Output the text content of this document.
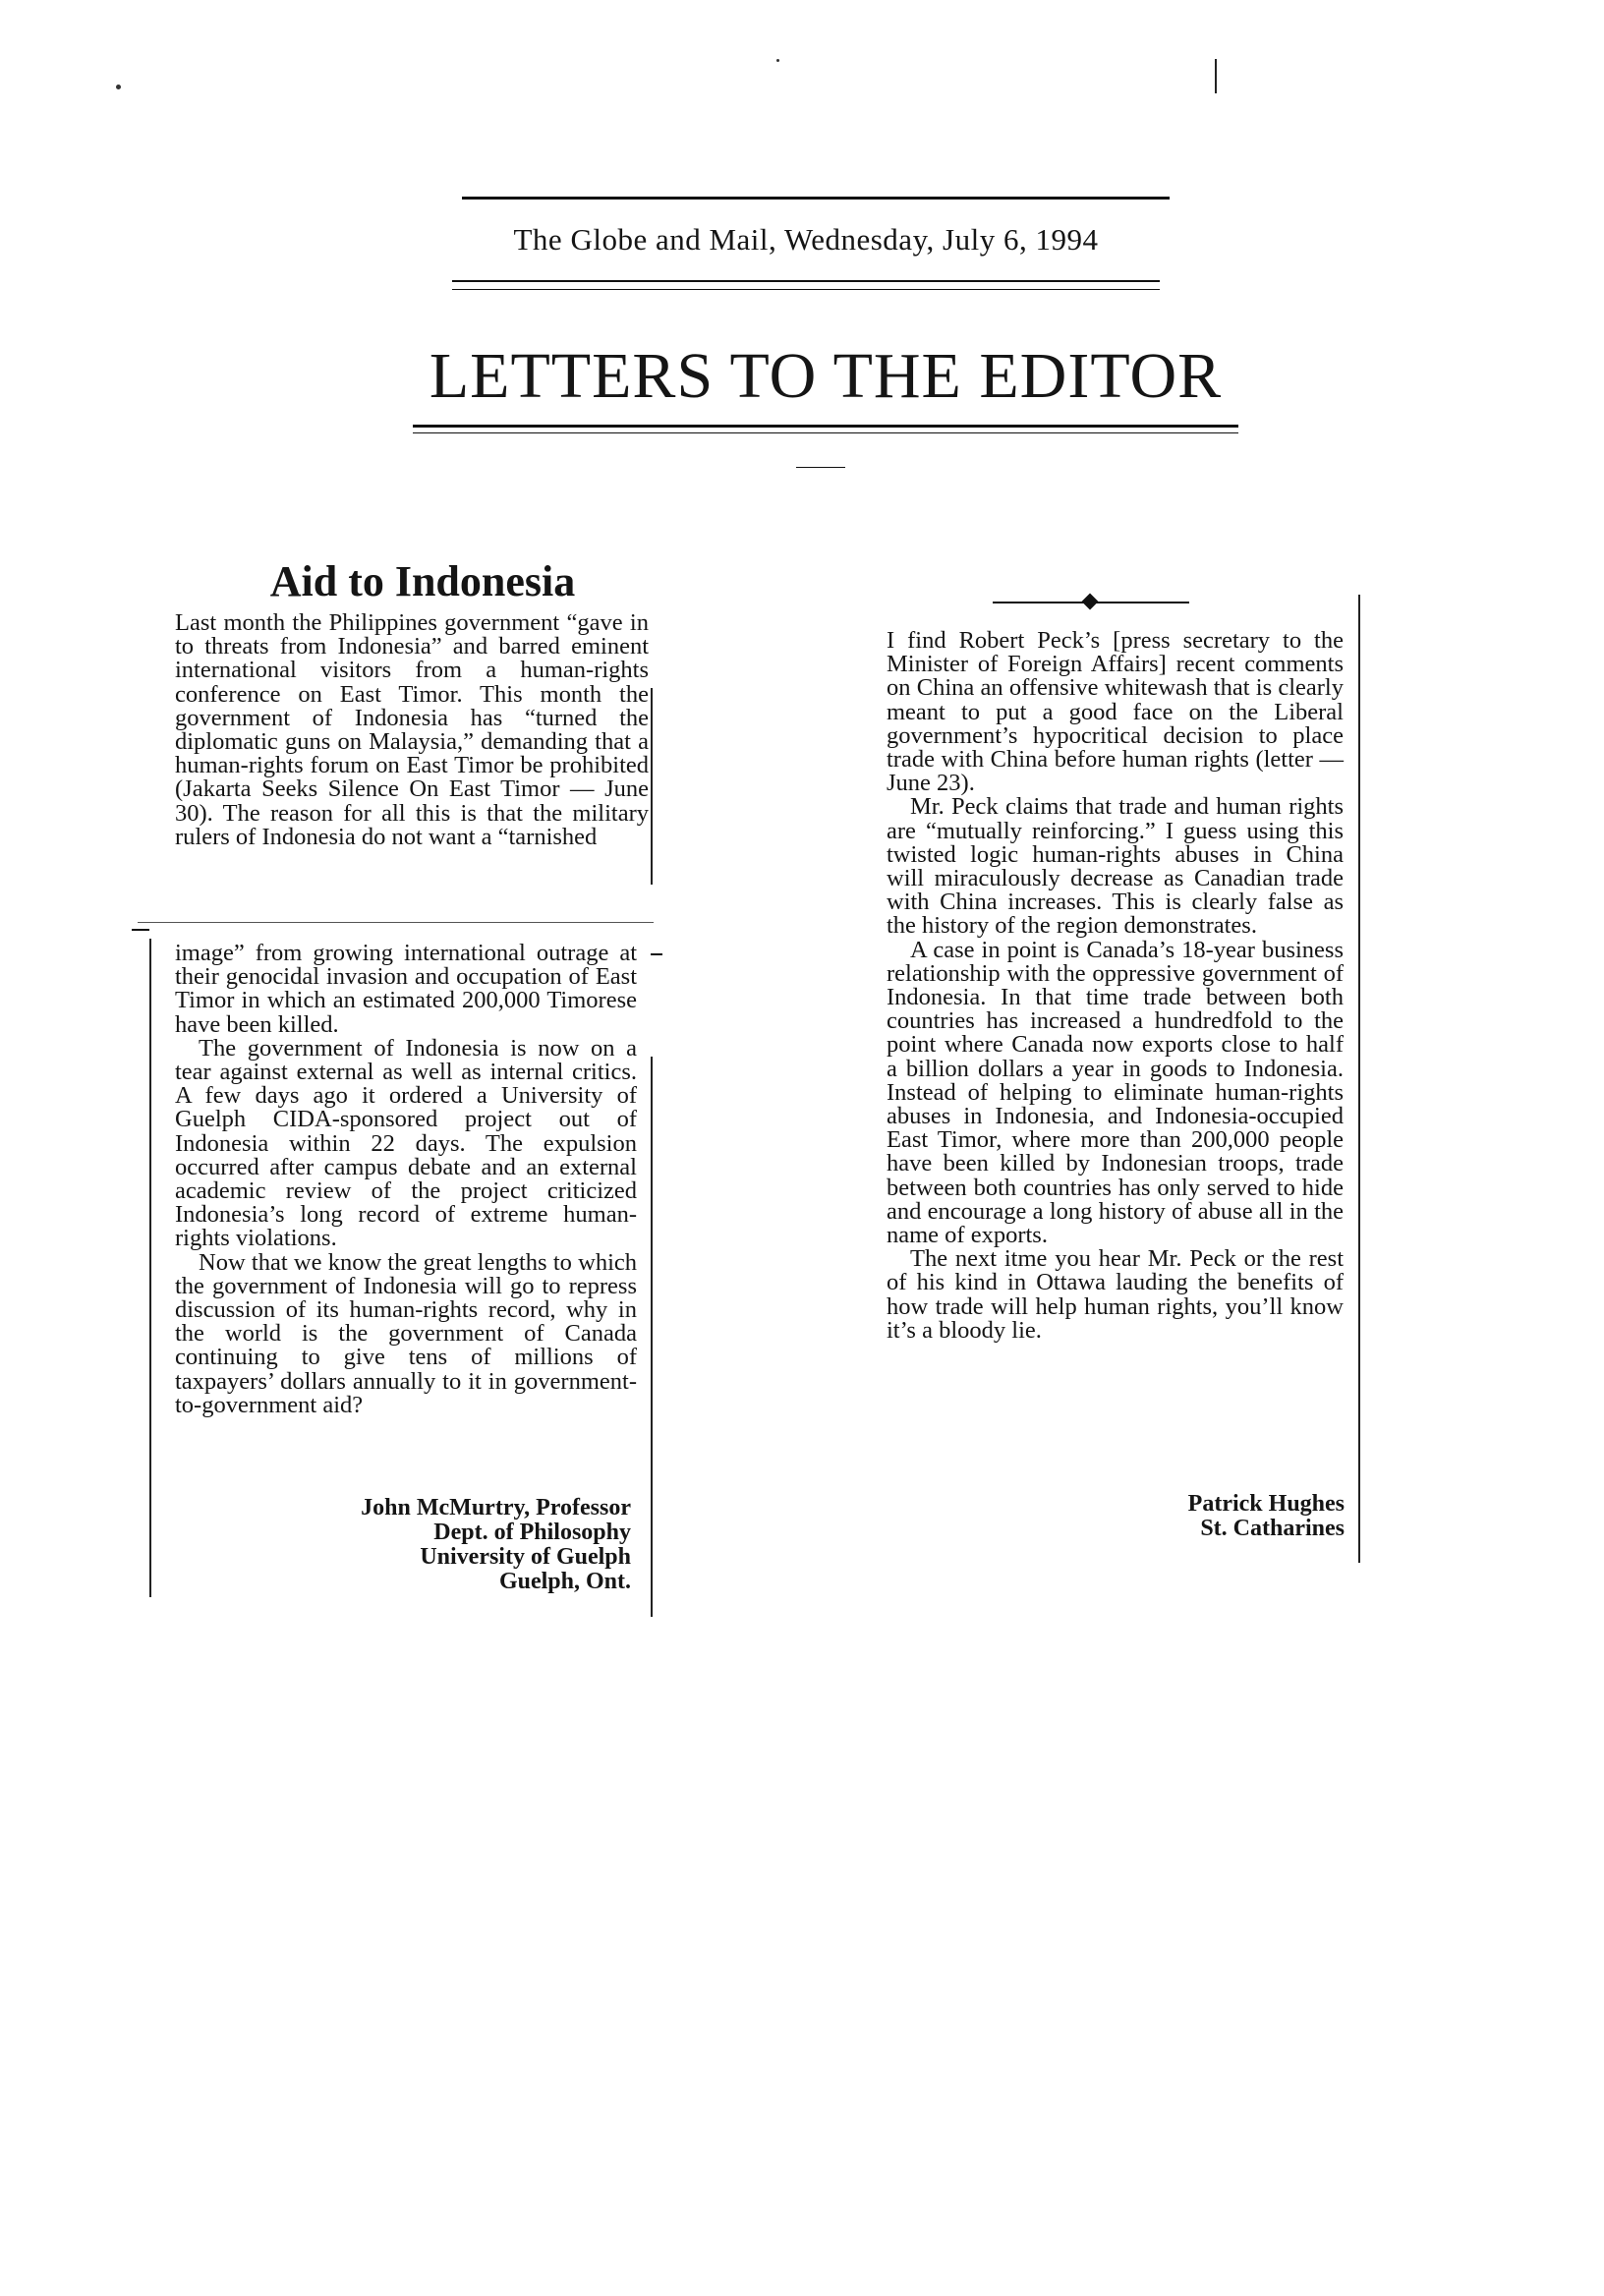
The Globe and Mail, Wednesday, July 6, 1994
LETTERS TO THE EDITOR
Aid to Indonesia

Last month the Philippines government “gave in to threats from Indonesia” and barred eminent international visitors from a human-rights conference on East Timor. This month the government of Indonesia has “turned the diplomatic guns on Malaysia,” demanding that a human-rights forum on East Timor be prohibited (Jakarta Seeks Silence On East Timor — June 30). The reason for all this is that the military rulers of Indonesia do not want a “tarnished

image” from growing international outrage at their genocidal invasion and occupation of East Timor in which an estimated 200,000 Timorese have been killed.

The government of Indonesia is now on a tear against external as well as internal critics. A few days ago it ordered a University of Guelph CIDA-sponsored project out of Indonesia within 22 days. The expulsion occurred after campus debate and an external academic review of the project criticized Indonesia’s long record of extreme human-rights violations.

Now that we know the great lengths to which the government of Indonesia will go to repress discussion of its human-rights record, why in the world is the government of Canada continuing to give tens of millions of taxpayers’ dollars annually to it in government-to-government aid?

John McMurtry, Professor
Dept. of Philosophy
University of Guelph
Guelph, Ont.

I find Robert Peck’s [press secretary to the Minister of Foreign Affairs] recent comments on China an offensive whitewash that is clearly meant to put a good face on the Liberal government’s hypocritical decision to place trade with China before human rights (letter — June 23).

Mr. Peck claims that trade and human rights are “mutually reinforcing.” I guess using this twisted logic human-rights abuses in China will miraculously decrease as Canadian trade with China increases. This is clearly false as the history of the region demonstrates.

A case in point is Canada’s 18-year business relationship with the oppressive government of Indonesia. In that time trade between both countries has increased a hundredfold to the point where Canada now exports close to half a billion dollars a year in goods to Indonesia. Instead of helping to eliminate human-rights abuses in Indonesia, and Indonesia-occupied East Timor, where more than 200,000 people have been killed by Indonesian troops, trade between both countries has only served to hide and encourage a long history of abuse all in the name of exports.

The next itme you hear Mr. Peck or the rest of his kind in Ottawa lauding the benefits of how trade will help human rights, you’ll know it’s a bloody lie.

Patrick Hughes
St. Catharines
